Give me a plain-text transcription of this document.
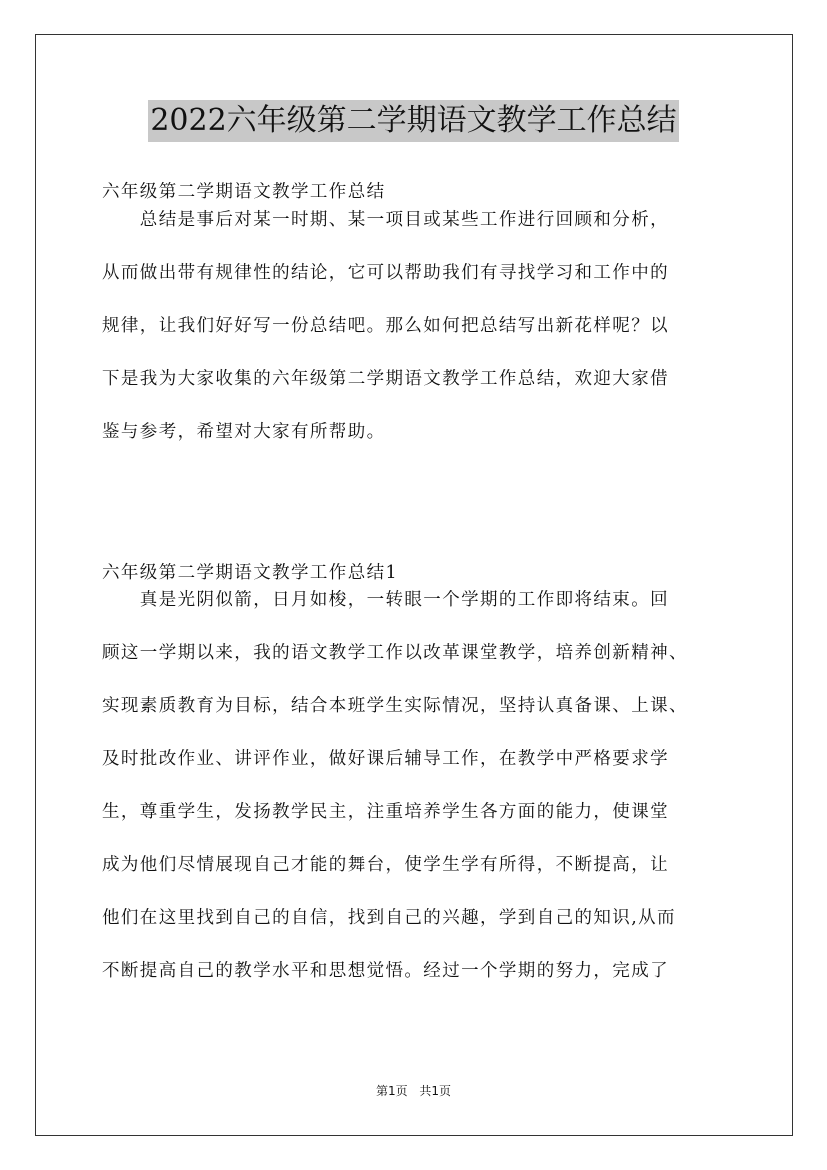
2022六年级第二学期语文教学工作总结
六年级第二学期语文教学工作总结
　　总结是事后对某一时期、某一项目或某些工作进行回顾和分析，
从而做出带有规律性的结论，它可以帮助我们有寻找学习和工作中的
规律，让我们好好写一份总结吧。那么如何把总结写出新花样呢？以
下是我为大家收集的六年级第二学期语文教学工作总结，欢迎大家借
鉴与参考，希望对大家有所帮助。
六年级第二学期语文教学工作总结1
　　真是光阴似箭，日月如梭，一转眼一个学期的工作即将结束。回
顾这一学期以来，我的语文教学工作以改革课堂教学，培养创新精神、
实现素质教育为目标，结合本班学生实际情况，坚持认真备课、上课、
及时批改作业、讲评作业，做好课后辅导工作，在教学中严格要求学
生，尊重学生，发扬教学民主，注重培养学生各方面的能力，使课堂
成为他们尽情展现自己才能的舞台，使学生学有所得，不断提高，让
他们在这里找到自己的自信，找到自己的兴趣，学到自己的知识,从而
不断提高自己的教学水平和思想觉悟。经过一个学期的努力，完成了
第1页 共1页
